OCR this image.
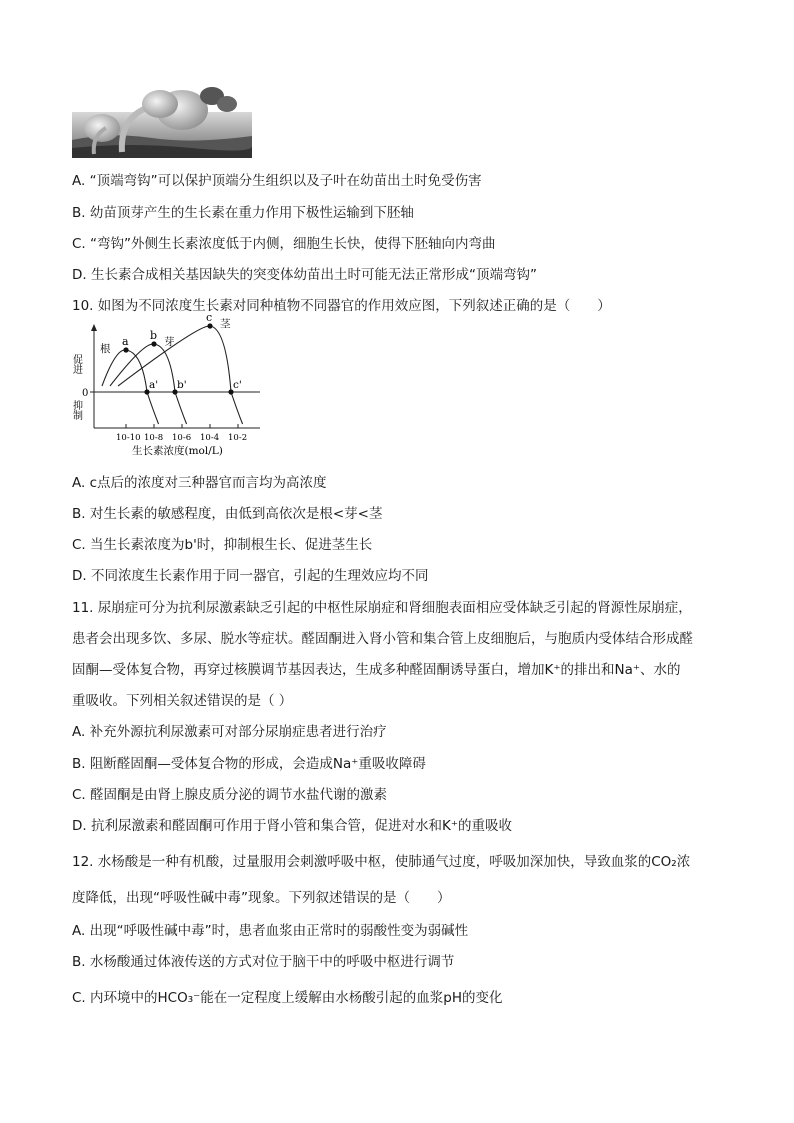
A. “顶端弯钩”可以保护顶端分生组织以及子叶在幼苗出土时免受伤害
B. 幼苗顶芽产生的生长素在重力作用下极性运输到下胚轴
C. “弯钩”外侧生长素浓度低于内侧，细胞生长快，使得下胚轴向内弯曲
D. 生长素合成相关基因缺失的突变体幼苗出土时可能无法正常形成“顶端弯钩”
10. 如图为不同浓度生长素对同种植物不同器官的作用效应图，下列叙述正确的是（　　）
0
促进
抑制
生长素浓度(mol/L)
10-10 10-8 10-6 10-4 10-2
a
a'
根
b
b'
芽
c
c'
茎
A. c点后的浓度对三种器官而言均为高浓度
B. 对生长素的敏感程度，由低到高依次是根<芽<茎
C. 当生长素浓度为b'时，抑制根生长、促进茎生长
D. 不同浓度生长素作用于同一器官，引起的生理效应均不同
11. 尿崩症可分为抗利尿激素缺乏引起的中枢性尿崩症和肾细胞表面相应受体缺乏引起的肾源性尿崩症，
患者会出现多饮、多尿、脱水等症状。醛固酮进入肾小管和集合管上皮细胞后，与胞质内受体结合形成醛
固酮—受体复合物，再穿过核膜调节基因表达，生成多种醛固酮诱导蛋白，增加K⁺的排出和Na⁺、水的
重吸收。下列相关叙述错误的是（ ）
A. 补充外源抗利尿激素可对部分尿崩症患者进行治疗
B. 阻断醛固酮—受体复合物的形成，会造成Na⁺重吸收障碍
C. 醛固酮是由肾上腺皮质分泌的调节水盐代谢的激素
D. 抗利尿激素和醛固酮可作用于肾小管和集合管，促进对水和K⁺的重吸收
12. 水杨酸是一种有机酸，过量服用会刺激呼吸中枢，使肺通气过度，呼吸加深加快，导致血浆的CO₂浓
度降低，出现“呼吸性碱中毒”现象。下列叙述错误的是（　　）
A. 出现“呼吸性碱中毒”时，患者血浆由正常时的弱酸性变为弱碱性
B. 水杨酸通过体液传送的方式对位于脑干中的呼吸中枢进行调节
C. 内环境中的HCO₃⁻能在一定程度上缓解由水杨酸引起的血浆pH的变化
